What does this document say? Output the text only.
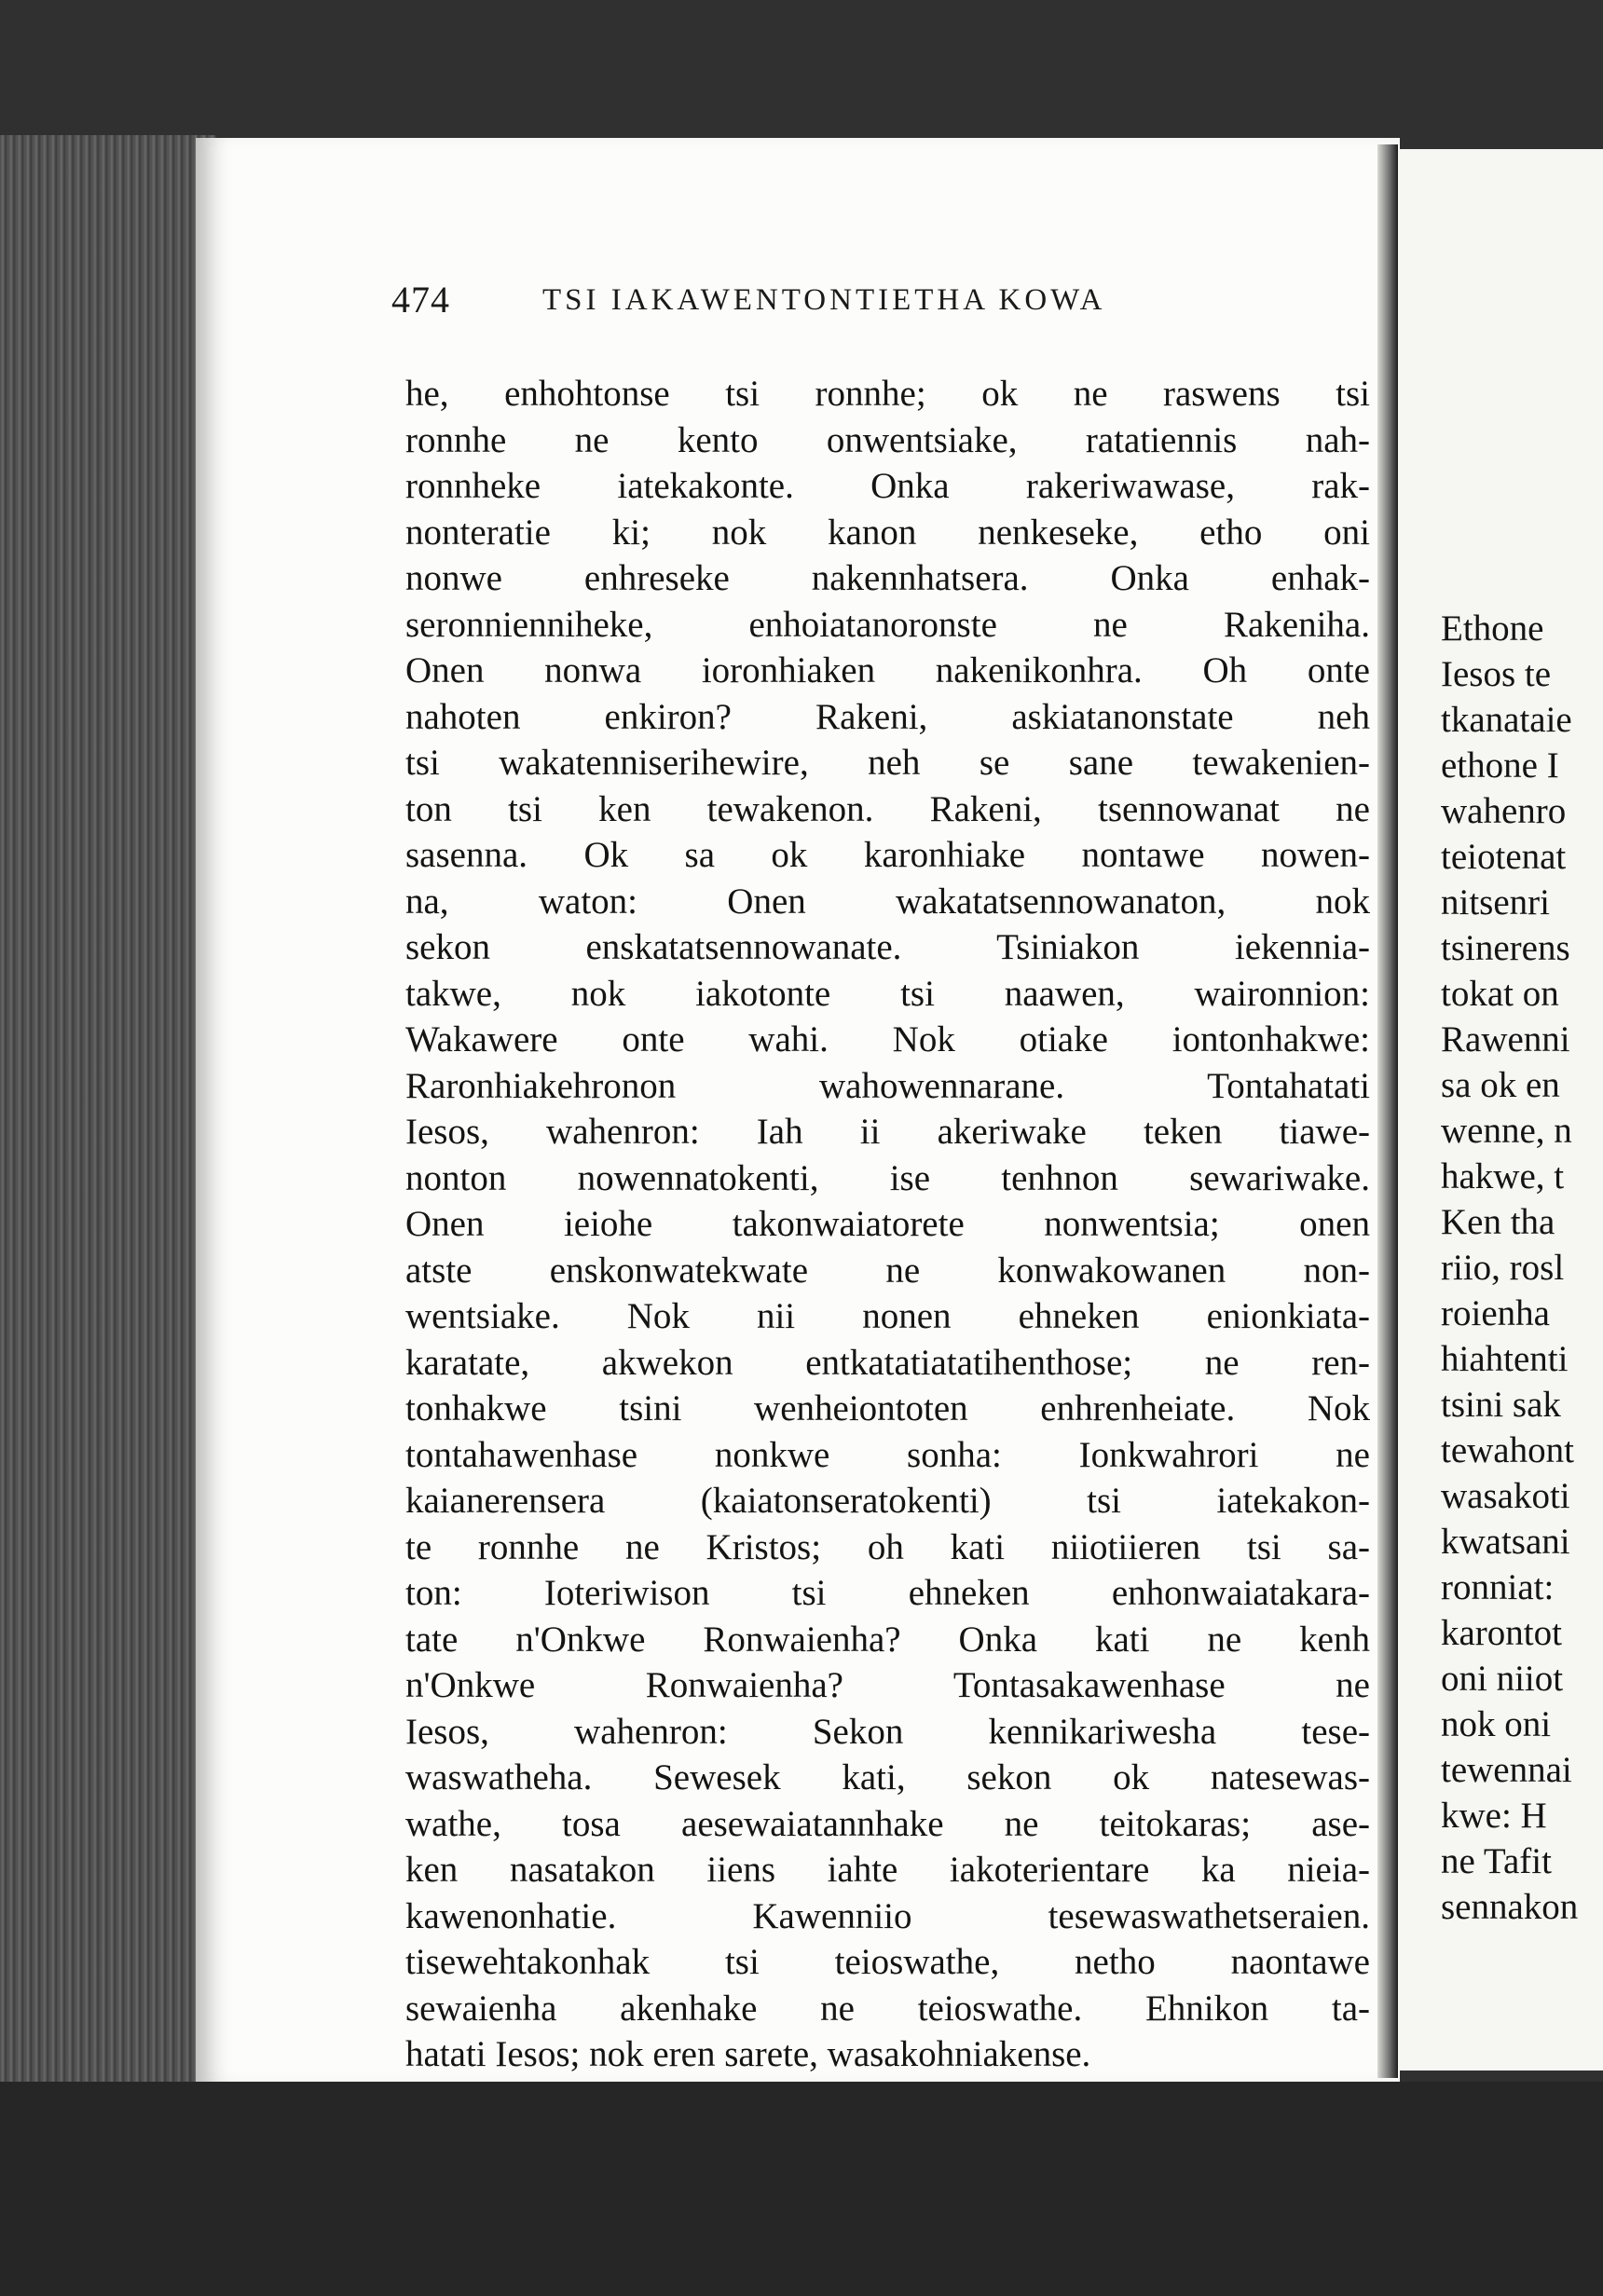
Ethone
Iesos te
tkanataie
ethone I
wahenro
teiotenat
nitsenri
tsinerens
tokat on
Rawenni
sa ok en
wenne, n
hakwe, t
Ken tha
riio, rosl
roienha
hiahtenti
tsini sak
tewahont
wasakoti
kwatsani
ronniat:
karontot
oni niiot
nok oni
tewennai
kwe: H
ne Tafit
sennakon
474	TSI IAKAWENTONTIETHA KOWA
he, enhohtonse tsi ronnhe; ok ne raswens tsi
ronnhe ne kento onwentsiake, ratatiennis nah-
ronnheke iatekakonte. Onka rakeriwawase, rak-
nonteratie ki; nok kanon nenkeseke, etho oni
nonwe enhreseke nakennhatsera. Onka enhak-
seronnienniheke, enhoiatanoronste ne Rakeniha.
Onen nonwa ioronhiaken nakenikonhra. Oh onte
nahoten enkiron? Rakeni, askiatanonstate neh
tsi wakatenniserihewire, neh se sane tewakenien-
ton tsi ken tewakenon. Rakeni, tsennowanat ne
sasenna. Ok sa ok karonhiake nontawe nowen-
na, waton: Onen wakatatsennowanaton, nok
sekon enskatatsennowanate. Tsiniakon iekennia-
takwe, nok iakotonte tsi naawen, waironnion:
Wakawere onte wahi. Nok otiake iontonhakwe:
Raronhiakehronon wahowennarane. Tontahatati
Iesos, wahenron: Iah ii akeriwake teken tiawe-
nonton nowennatokenti, ise tenhnon sewariwake.
Onen ieiohe takonwaiatorete nonwentsia; onen
atste enskonwatekwate ne konwakowanen non-
wentsiake. Nok nii nonen ehneken enionkiata-
karatate, akwekon entkatatiatatihenthose; ne ren-
tonhakwe tsini wenheiontoten enhrenheiate. Nok
tontahawenhase nonkwe sonha: Ionkwahrori ne
kaianerensera (kaiatonseratokenti) tsi iatekakon-
te ronnhe ne Kristos; oh kati niiotiieren tsi sa-
ton: Ioteriwison tsi ehneken enhonwaiatakara-
tate n'Onkwe Ronwaienha? Onka kati ne kenh
n'Onkwe Ronwaienha? Tontasakawenhase ne
Iesos, wahenron: Sekon kennikariwesha tese-
waswatheha. Sewesek kati, sekon ok natesewas-
wathe, tosa aesewaiatannhake ne teitokaras; ase-
ken nasatakon iiens iahte iakoterientare ka nieia-
kawenonhatie. Kawenniio tesewaswathetseraien.
tisewehtakonhak tsi teioswathe, netho naontawe
sewaienha akenhake ne teioswathe. Ehnikon ta-
hatati Iesos; nok eren sarete, wasakohniakense.
